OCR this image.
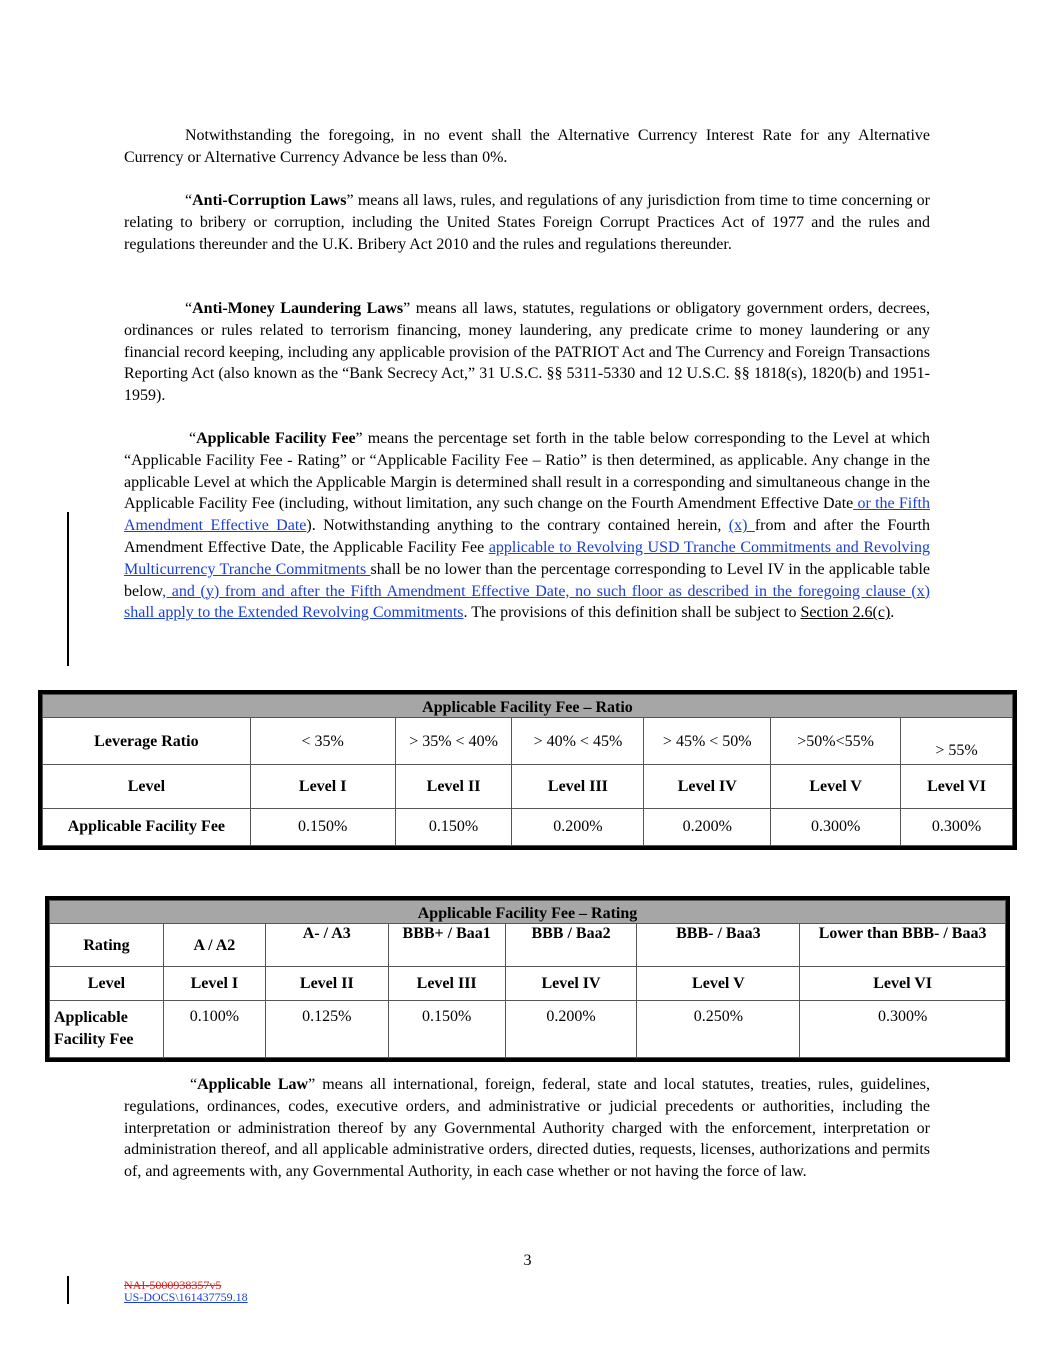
Notwithstanding the foregoing, in no event shall the Alternative Currency Interest Rate for any Alternative Currency or Alternative Currency Advance be less than 0%.

“Anti-Corruption Laws” means all laws, rules, and regulations of any jurisdiction from time to time concerning or relating to bribery or corruption, including the United States Foreign Corrupt Practices Act of 1977 and the rules and regulations thereunder and the U.K. Bribery Act 2010 and the rules and regulations thereunder.

“Anti-Money Laundering Laws” means all laws, statutes, regulations or obligatory government orders, decrees, ordinances or rules related to terrorism financing, money laundering, any predicate crime to money laundering or any financial record keeping, including any applicable provision of the PATRIOT Act and The Currency and Foreign Transactions Reporting Act (also known as the “Bank Secrecy Act,” 31 U.S.C. §§ 5311-5330 and 12 U.S.C. §§ 1818(s), 1820(b) and 1951-1959).

“Applicable Facility Fee” means the percentage set forth in the table below corresponding to the Level at which “Applicable Facility Fee - Rating” or “Applicable Facility Fee – Ratio” is then determined, as applicable. Any change in the applicable Level at which the Applicable Margin is determined shall result in a corresponding and simultaneous change in the Applicable Facility Fee (including, without limitation, any such change on the Fourth Amendment Effective Date or the Fifth Amendment Effective Date). Notwithstanding anything to the contrary contained herein, (x) from and after the Fourth Amendment Effective Date, the Applicable Facility Fee applicable to Revolving USD Tranche Commitments and Revolving Multicurrency Tranche Commitments shall be no lower than the percentage corresponding to Level IV in the applicable table below, and (y) from and after the Fifth Amendment Effective Date, no such floor as described in the foregoing clause (x) shall apply to the Extended Revolving Commitments. The provisions of this definition shall be subject to Section 2.6(c).

Applicable Facility Fee – Ratio						
Leverage Ratio	< 35%	> 35% < 40%	> 40% < 45%	> 45% < 50%	>50%<55%	> 55%
Level	Level I	Level II	Level III	Level IV	Level V	Level VI
Applicable Facility Fee	0.150%	0.150%	0.200%	0.200%	0.300%	0.300%
Applicable Facility Fee – Rating						
Rating	A / A2	A- / A3	BBB+ / Baa1	BBB / Baa2	BBB- / Baa3	Lower than BBB- / Baa3
Level	Level I	Level II	Level III	Level IV	Level V	Level VI
Applicable Facility Fee	0.100%	0.125%	0.150%	0.200%	0.250%	0.300%

“Applicable Law” means all international, foreign, federal, state and local statutes, treaties, rules, guidelines, regulations, ordinances, codes, executive orders, and administrative or judicial precedents or authorities, including the interpretation or administration thereof by any Governmental Authority charged with the enforcement, interpretation or administration thereof, and all applicable administrative orders, directed duties, requests, licenses, authorizations and permits of, and agreements with, any Governmental Authority, in each case whether or not having the force of law.

3
NAI-5000938357v5
US-DOCS\161437759.18
